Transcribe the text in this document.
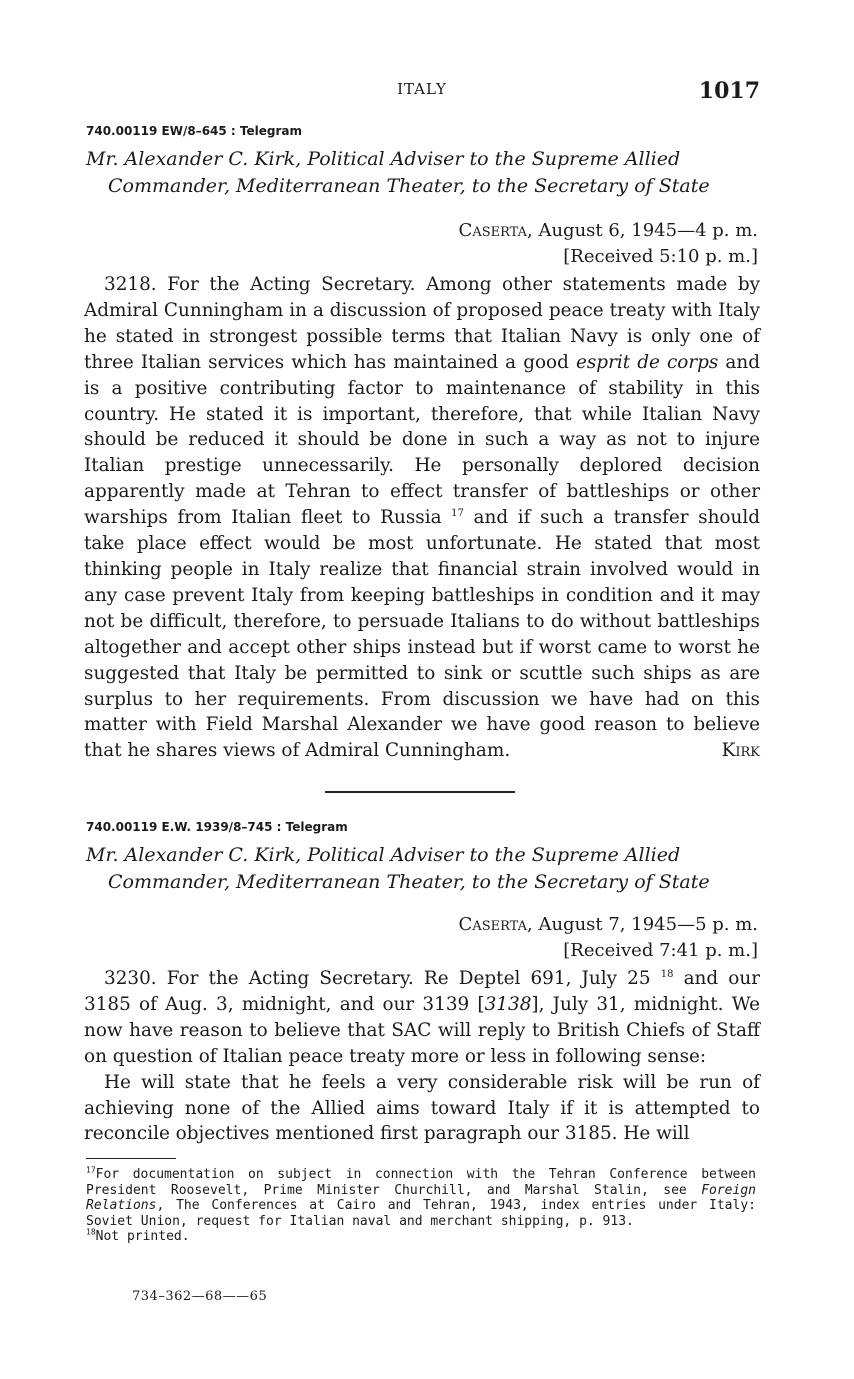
ITALY	1017
740.00119 EW/8–645 : Telegram
Mr. Alexander C. Kirk, Political Adviser to the Supreme Allied
Commander, Mediterranean Theater, to the Secretary of State
Caserta, August 6, 1945—4 p. m.
[Received 5:10 p. m.]

3218. For the Acting Secretary. Among other statements made by Admiral Cunningham in a discussion of proposed peace treaty with Italy he stated in strongest possible terms that Italian Navy is only one of three Italian services which has maintained a good esprit de corps and is a positive contributing factor to maintenance of stability in this country. He stated it is important, therefore, that while Italian Navy should be reduced it should be done in such a way as not to injure Italian prestige unnecessarily. He personally deplored decision apparently made at Tehran to effect transfer of battleships or other warships from Italian fleet to Russia $^{17}$ and if such a transfer should take place effect would be most unfortunate. He stated that most thinking people in Italy realize that financial strain involved would in any case prevent Italy from keeping battleships in condition and it may not be difficult, therefore, to persuade Italians to do without battleships altogether and accept other ships instead but if worst came to worst he suggested that Italy be permitted to sink or scuttle such ships as are surplus to her requirements. From discussion we have had on this matter with Field Marshal Alexander we have good reason to believe that he shares views of Admiral Cunningham.	Kirk

740.00119 E.W. 1939/8–745 : Telegram
Mr. Alexander C. Kirk, Political Adviser to the Supreme Allied
Commander, Mediterranean Theater, to the Secretary of State
Caserta, August 7, 1945—5 p. m.
[Received 7:41 p. m.]

3230. For the Acting Secretary. Re Deptel 691, July 25 $^{18}$ and our 3185 of Aug. 3, midnight, and our 3139 [3138], July 31, midnight. We now have reason to believe that SAC will reply to British Chiefs of Staff on question of Italian peace treaty more or less in following sense:

He will state that he feels a very considerable risk will be run of achieving none of the Allied aims toward Italy if it is attempted to reconcile objectives mentioned first paragraph our 3185. He will

$^{17}$For documentation on subject in connection with the Tehran Conference between President Roosevelt, Prime Minister Churchill, and Marshal Stalin, see Foreign Relations, The Conferences at Cairo and Tehran, 1943, index entries under Italy: Soviet Union, request for Italian naval and merchant shipping, p. 913.

$^{18}$Not printed.

734–362—68——65
